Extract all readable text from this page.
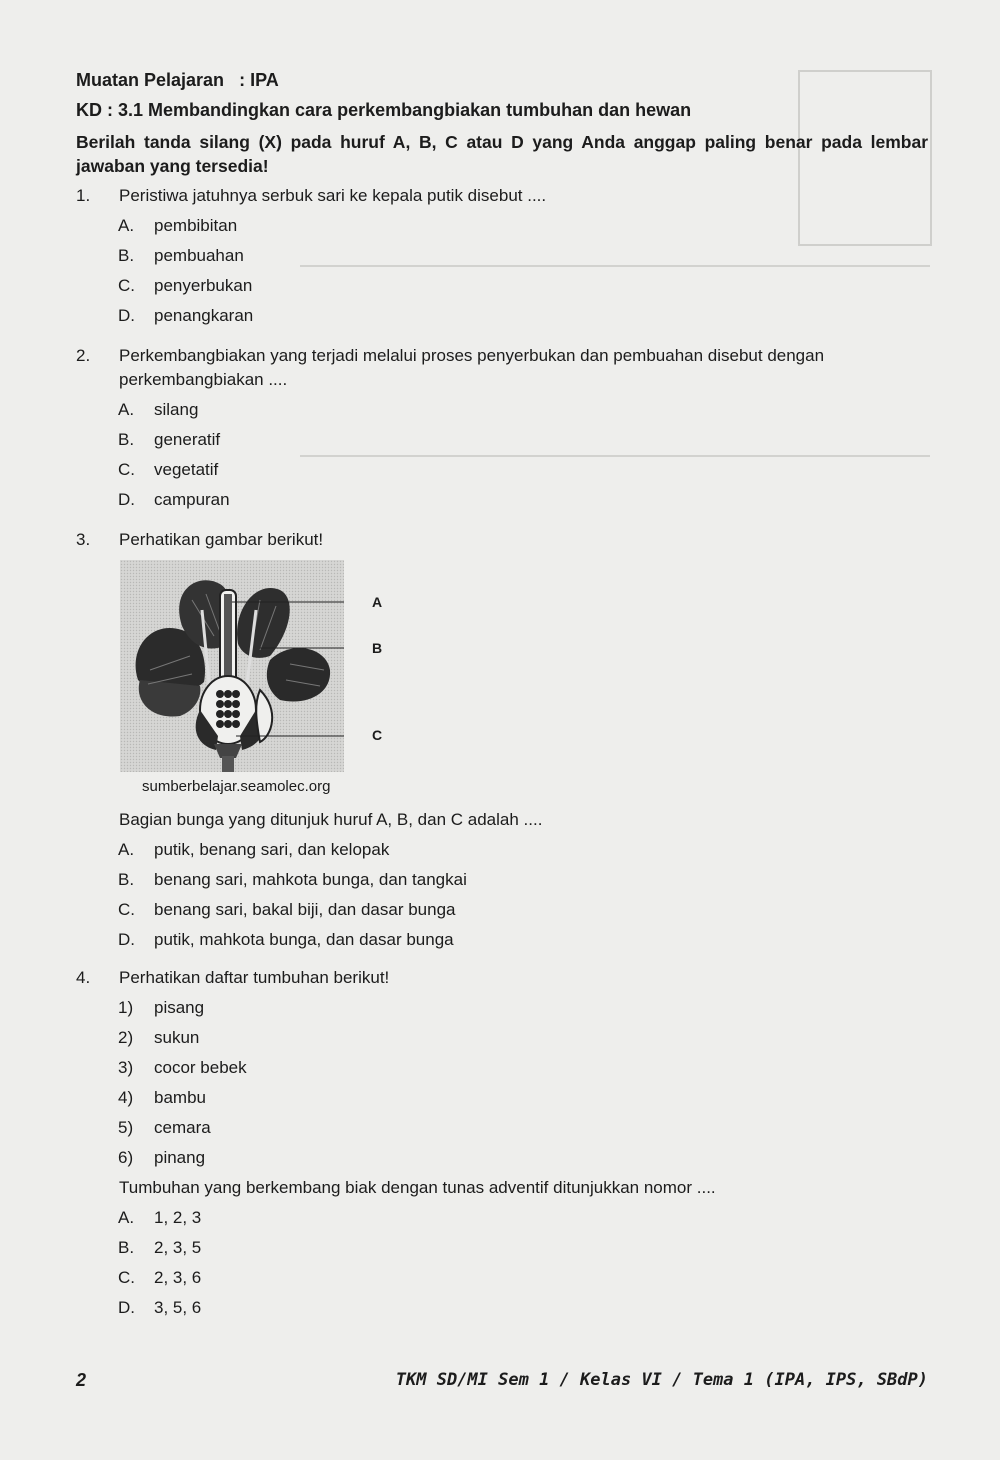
Muatan Pelajaran : IPA
KD : 3.1 Membandingkan cara perkembangbiakan tumbuhan dan hewan
Berilah tanda silang (X) pada huruf A, B, C atau D yang Anda anggap paling benar pada lembar jawaban yang tersedia!
1.	Peristiwa jatuhnya serbuk sari ke kepala putik disebut ....
A. pembibitan
B. pembuahan
C. penyerbukan
D. penangkaran
2.	Perkembangbiakan yang terjadi melalui proses penyerbukan dan pembuahan disebut dengan perkembangbiakan ....
A. silang
B. generatif
C. vegetatif
D. campuran
3.	Perhatikan gambar berikut!
A
B
C
sumberbelajar.seamolec.org
Bagian bunga yang ditunjuk huruf A, B, dan C adalah ....
A. putik, benang sari, dan kelopak
B. benang sari, mahkota bunga, dan tangkai
C. benang sari, bakal biji, dan dasar bunga
D. putik, mahkota bunga, dan dasar bunga
4.	Perhatikan daftar tumbuhan berikut!
1) pisang
2) sukun
3) cocor bebek
4) bambu
5) cemara
6) pinang
Tumbuhan yang berkembang biak dengan tunas adventif ditunjukkan nomor ....
A. 1, 2, 3
B. 2, 3, 5
C. 2, 3, 6
D. 3, 5, 6
2	TKM SD/MI Sem 1 / Kelas VI / Tema 1 (IPA, IPS, SBdP)
